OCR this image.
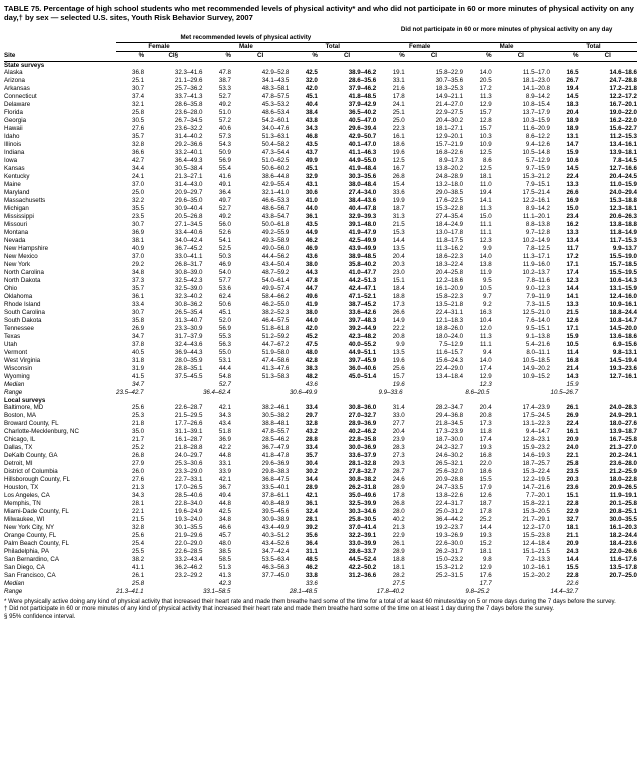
TABLE 75. Percentage of high school students who met recommended levels of physical activity* and who did not participate in 60 or more minutes of physical activity on any day,† by sex — selected U.S. sites, Youth Risk Behavior Survey, 2007
							Did not participate in 60 or more minutes of physical activity on any day					
	Met recommended levels of physical activity											
	Female		Male		Total		Female		Male		Total	
Site	%	CI§	%	CI	%	CI	%	CI	%	CI	%	CI
State surveys												
Alaska	36.8	32.3–41.6	47.8	42.9–52.8	42.5	38.9–46.2	19.1	15.8–22.9	14.0	11.5–17.0	16.5	14.6–18.6
Arizona	25.1	21.1–29.6	38.7	34.1–43.5	32.0	28.6–35.6	33.1	30.7–35.6	20.5	18.1–23.0	26.7	24.7–28.8
Arkansas	30.7	25.7–36.2	53.3	48.3–58.1	42.0	37.9–46.2	21.6	18.3–25.3	17.2	14.1–20.8	19.4	17.2–21.8
Connecticut	37.4	33.7–41.3	52.7	47.8–57.5	45.1	41.8–48.5	17.8	14.9–21.1	11.3	8.9–14.2	14.5	12.2–17.2
Delaware	32.1	28.6–35.8	49.2	45.3–53.2	40.4	37.9–42.9	24.1	21.4–27.0	12.9	10.8–15.4	18.3	16.7–20.1
Florida	25.8	23.6–28.0	51.0	48.6–53.4	38.4	36.5–40.2	25.1	22.9–27.5	15.7	13.7–17.9	20.4	19.0–22.0
Georgia	30.5	26.7–34.5	57.2	54.2–60.1	43.8	40.5–47.0	25.0	20.4–30.2	12.8	10.3–15.9	18.9	16.2–22.0
Hawaii	27.6	23.6–32.2	40.6	34.0–47.6	34.3	29.6–39.4	22.3	18.1–27.1	15.7	11.6–20.9	18.9	15.6–22.7
Idaho	35.7	31.4–40.2	57.3	51.3–63.1	46.8	42.9–50.7	16.1	12.9–20.1	10.3	8.6–12.2	13.1	11.2–15.3
Illinois	32.8	29.2–36.6	54.3	50.4–58.2	43.5	40.1–47.0	18.6	15.7–21.9	10.9	9.4–12.6	14.7	13.4–16.1
Indiana	36.6	33.2–40.1	50.9	47.3–54.4	43.7	41.1–46.3	19.6	16.8–22.6	12.5	10.5–14.8	15.9	13.9–18.1
Iowa	42.7	36.4–49.3	56.9	51.0–62.5	49.9	44.9–55.0	12.5	8.9–17.3	8.6	5.7–12.9	10.6	7.8–14.5
Kansas	34.4	30.5–38.4	55.4	50.6–60.2	45.1	41.9–48.4	16.7	13.8–20.2	12.5	9.7–15.9	14.5	12.7–16.6
Kentucky	24.1	21.3–27.1	41.6	38.6–44.8	32.9	30.3–35.6	26.8	24.8–28.9	18.1	15.3–21.2	22.4	20.4–24.5
Maine	37.0	31.4–43.0	49.1	42.9–55.4	43.1	38.0–48.4	15.4	13.2–18.0	11.0	7.9–15.1	13.3	11.0–15.9
Maryland	25.0	20.9–29.7	36.4	32.1–41.0	30.6	27.4–34.0	33.6	29.0–38.5	19.4	17.5–21.4	26.6	24.0–29.4
Massachusetts	32.2	29.6–35.0	49.7	46.6–53.3	41.0	38.4–43.6	19.9	17.6–22.5	14.1	12.2–16.1	16.9	15.3–18.8
Michigan	35.5	30.9–40.4	52.7	48.6–56.7	44.0	40.4–47.8	18.7	15.3–22.8	11.3	8.9–14.2	15.0	12.3–18.1
Mississippi	23.5	20.5–26.8	49.2	43.8–54.7	36.1	32.9–39.3	31.3	27.4–35.4	15.0	11.1–20.1	23.4	20.6–26.3
Missouri	30.7	27.1–34.5	56.0	50.0–61.8	43.5	39.1–48.0	21.5	18.4–24.9	11.1	8.8–13.8	16.2	13.8–18.8
Montana	36.9	33.4–40.6	52.6	49.2–55.9	44.9	41.9–47.9	15.3	13.0–17.8	11.1	9.7–12.8	13.3	11.8–14.9
Nevada	38.1	34.0–42.4	54.1	49.3–58.9	46.2	42.5–49.9	14.4	11.8–17.5	12.3	10.2–14.9	13.4	11.7–15.3
New Hampshire	40.9	36.7–45.2	52.5	49.0–56.0	46.9	43.9–49.9	13.5	11.3–16.2	9.9	7.8–12.5	11.7	9.9–13.7
New Mexico	37.0	33.0–41.1	50.3	44.4–56.2	43.6	38.9–48.5	20.4	18.6–22.3	14.0	11.3–17.1	17.2	15.5–19.0
New York	29.2	26.8–31.7	46.9	43.4–50.4	38.0	35.8–40.2	20.3	18.3–22.4	13.8	11.9–16.0	17.1	15.7–18.5
North Carolina	34.8	30.8–39.0	54.0	48.7–59.2	44.3	41.0–47.7	23.0	20.4–25.8	11.9	10.2–13.7	17.4	15.5–19.5
North Dakota	37.3	32.5–42.3	57.7	54.0–61.4	47.8	44.2–51.3	15.1	12.2–18.6	9.5	7.8–11.6	12.3	10.6–14.3
Ohio	35.7	32.5–39.0	53.6	49.9–57.4	44.7	42.4–47.1	18.4	16.1–20.9	10.5	9.0–12.3	14.4	13.1–15.9
Oklahoma	36.1	32.3–40.2	62.4	58.4–66.2	49.6	47.1–52.1	18.8	15.8–22.3	9.7	7.9–11.9	14.1	12.4–16.0
Rhode Island	33.4	30.8–36.2	50.6	46.2–55.0	41.9	38.7–45.2	17.3	13.5–21.8	9.2	7.3–11.5	13.3	10.9–16.1
South Carolina	30.7	26.5–35.4	45.1	38.2–52.3	38.0	33.6–42.6	26.6	22.4–31.1	16.3	12.5–21.0	21.5	18.8–24.4
South Dakota	35.8	31.3–40.7	52.0	46.4–57.5	44.0	39.7–48.3	14.9	12.1–18.3	10.4	7.6–14.0	12.6	10.8–14.7
Tennessee	26.9	23.3–30.9	56.9	51.8–61.8	42.0	39.2–44.9	22.2	18.8–26.0	12.0	9.5–15.1	17.1	14.5–20.0
Texas	34.7	31.7–37.9	55.3	51.2–59.2	45.2	42.3–48.2	20.8	18.0–24.0	11.3	9.1–13.8	15.9	13.6–18.6
Utah	37.8	32.4–43.6	56.3	44.7–67.2	47.5	40.0–55.2	9.9	7.5–12.9	11.1	5.4–21.6	10.5	6.9–15.6
Vermont	40.5	36.9–44.3	55.0	51.9–58.0	48.0	44.9–51.1	13.5	11.6–15.7	9.4	8.0–11.1	11.4	9.8–13.1
West Virginia	31.8	28.0–35.9	53.1	47.4–58.6	42.8	39.7–45.9	19.6	15.6–24.3	14.0	10.5–18.5	16.8	14.5–19.4
Wisconsin	31.9	28.8–35.1	44.4	41.3–47.6	38.3	36.0–40.6	25.6	22.4–29.0	17.4	14.9–20.2	21.4	19.3–23.6
Wyoming	41.5	37.5–45.5	54.8	51.3–58.3	48.2	45.0–51.4	15.7	13.4–18.4	12.9	10.9–15.2	14.3	12.7–16.1
Median	34.7		52.7		43.6		19.6		12.3		15.9	
Range	23.5–42.7		36.4–62.4		30.6–49.9		9.9–33.6		8.6–20.5		10.5–26.7	
Local surveys												
Baltimore, MD	25.6	22.6–28.7	42.1	38.2–46.1	33.4	30.8–36.0	31.4	28.2–34.7	20.4	17.4–23.9	26.1	24.0–28.3
Boston, MA	25.3	21.5–29.5	34.3	30.5–38.2	29.7	27.0–32.7	33.0	29.4–36.8	20.8	17.5–24.5	26.9	24.9–29.1
Broward County, FL	21.8	17.7–26.6	43.4	38.8–48.1	32.8	28.9–36.9	27.7	21.8–34.5	17.3	13.1–22.3	22.4	18.0–27.6
Charlotte-Mecklenburg, NC	35.0	31.1–39.1	51.8	47.8–55.7	43.2	40.2–46.2	20.4	17.3–23.9	11.8	9.4–14.7	16.1	13.9–18.7
Chicago, IL	21.7	16.1–28.7	36.9	28.5–46.2	28.8	22.8–35.8	23.9	18.7–30.0	17.4	12.8–23.1	20.9	16.7–25.8
Dallas, TX	25.2	21.8–28.8	42.2	36.7–47.9	33.4	30.0–36.9	28.3	24.2–32.7	19.3	15.9–23.2	24.0	21.3–27.0
DeKalb County, GA	26.8	24.0–29.7	44.8	41.8–47.8	35.7	33.6–37.9	27.3	24.6–30.2	16.8	14.6–19.3	22.1	20.2–24.1
Detroit, MI	27.9	25.3–30.6	33.1	29.6–36.9	30.4	28.1–32.8	29.3	26.5–32.1	22.0	18.7–25.7	25.8	23.6–28.0
District of Columbia	26.0	23.3–29.0	33.9	29.8–38.3	30.2	27.8–32.7	28.7	25.6–32.0	18.6	15.3–22.4	23.5	21.2–25.9
Hillsborough County, FL	27.6	22.7–33.1	42.1	36.8–47.5	34.4	30.8–38.2	24.6	20.9–28.8	15.5	12.2–19.5	20.3	18.0–22.8
Houston, TX	21.3	17.0–26.5	36.7	33.5–40.1	28.9	26.2–31.8	28.9	24.7–33.5	17.9	14.7–21.6	23.6	20.9–26.5
Los Angeles, CA	34.3	28.5–40.6	49.4	37.8–61.1	42.1	35.0–49.6	17.8	13.8–22.6	12.6	7.7–20.1	15.1	11.9–19.1
Memphis, TN	28.1	22.8–34.0	44.8	40.8–48.9	36.1	32.5–39.9	26.8	22.4–31.7	18.7	15.8–22.1	22.8	20.1–25.8
Miami-Dade County, FL	22.1	19.6–24.9	42.5	39.5–45.6	32.4	30.3–34.6	28.0	25.0–31.2	17.8	15.3–20.5	22.9	20.8–25.1
Milwaukee, WI	21.5	19.3–24.0	34.8	30.9–38.9	28.1	25.8–30.5	40.2	36.4–44.2	25.2	21.7–29.1	32.7	30.0–35.5
New York City, NY	32.8	30.1–35.5	46.6	43.4–49.9	39.2	37.0–41.4	21.3	19.2–23.7	14.4	12.2–17.0	18.1	16.1–20.3
Orange County, FL	25.6	21.9–29.6	45.7	40.3–51.2	35.6	32.2–39.1	22.9	19.3–26.9	19.3	15.5–23.8	21.1	18.2–24.4
Palm Beach County, FL	25.4	22.0–29.0	48.0	43.4–52.6	36.4	33.0–39.9	26.1	22.6–30.0	15.2	12.4–18.4	20.9	18.4–23.6
Philadelphia, PA	25.5	22.6–28.5	38.5	34.7–42.4	31.1	28.6–33.7	28.9	26.2–31.7	18.1	15.1–21.5	24.3	22.0–26.6
San Bernardino, CA	38.2	33.2–43.4	58.5	53.5–63.4	48.5	44.5–52.4	18.8	15.0–23.2	9.8	7.2–13.3	14.4	11.6–17.6
San Diego, CA	41.1	36.2–46.2	51.3	46.3–56.3	46.2	42.2–50.2	18.1	15.3–21.2	12.9	10.2–16.1	15.5	13.5–17.8
San Francisco, CA	26.1	23.2–29.2	41.3	37.7–45.0	33.8	31.2–36.6	28.2	25.2–31.5	17.6	15.2–20.2	22.8	20.7–25.0
Median	25.8		42.3		33.6		27.5		17.7		22.6	
Range	21.3–41.1		33.1–58.5		28.1–48.5		17.8–40.2		9.8–25.2		14.4–32.7	
* Were physically active doing any kind of physical activity that increased their heart rate and made them breathe hard some of the time for a total of at least 60 minutes/day on 5 or more days during the 7 days before the survey.
† Did not participate in 60 or more minutes of any kind of physical activity that increased their heart rate and made them breathe hard some of the time on at least 1 day during the 7 days before the survey.
§ 95% confidence interval.
